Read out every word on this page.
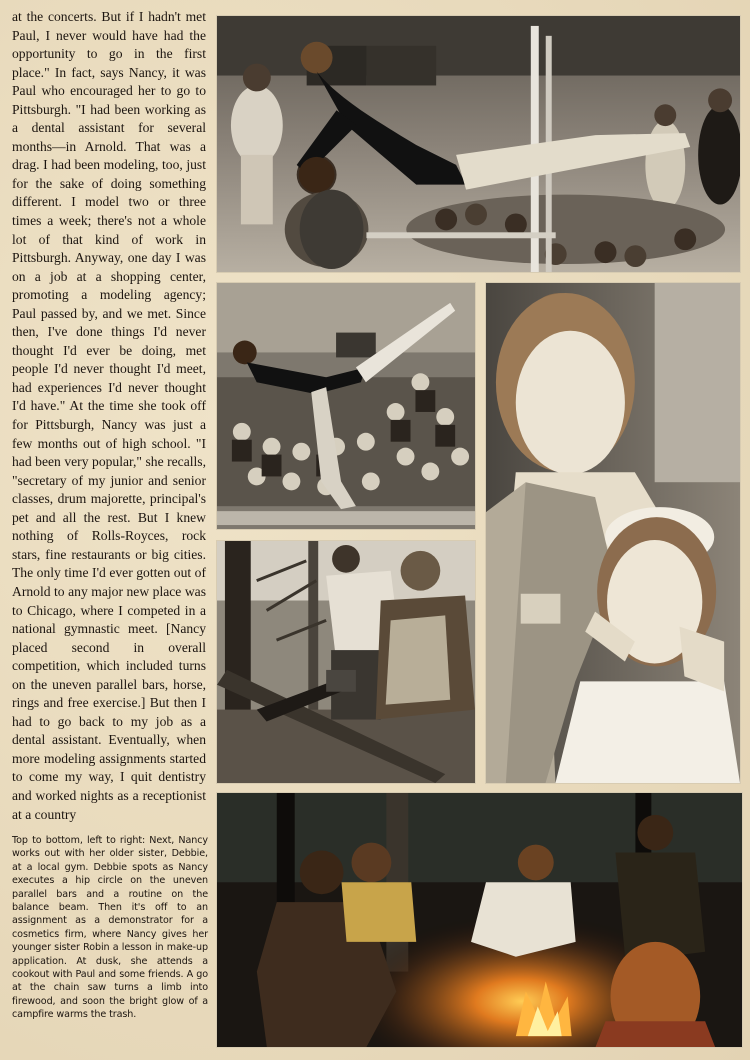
at the concerts. But if I hadn't met Paul, I never would have had the opportunity to go in the first place." In fact, says Nancy, it was Paul who encouraged her to go to Pittsburgh. "I had been working as a dental assistant for several months—in Arnold. That was a drag. I had been modeling, too, just for the sake of doing something different. I model two or three times a week; there's not a whole lot of that kind of work in Pittsburgh. Anyway, one day I was on a job at a shopping center, promoting a modeling agency; Paul passed by, and we met. Since then, I've done things I'd never thought I'd ever be doing, met people I'd never thought I'd meet, had experiences I'd never thought I'd have." At the time she took off for Pittsburgh, Nancy was just a few months out of high school. "I had been very popular," she recalls, "secretary of my junior and senior classes, drum majorette, principal's pet and all the rest. But I knew nothing of Rolls-Royces, rock stars, fine restaurants or big cities. The only time I'd ever gotten out of Arnold to any major new place was to Chicago, where I competed in a national gymnastic meet. [Nancy placed second in overall competition, which included turns on the uneven parallel bars, horse, rings and free exercise.] But then I had to go back to my job as a dental assistant. Eventually, when more modeling assignments started to come my way, I quit dentistry and worked nights as a receptionist at a country
Top to bottom, left to right: Next, Nancy works out with her older sister, Debbie, at a local gym. Debbie spots as Nancy executes a hip circle on the uneven parallel bars and a routine on the balance beam. Then it's off to an assignment as a demonstrator for a cosmetics firm, where Nancy gives her younger sister Robin a lesson in make-up application. At dusk, she attends a cookout with Paul and some friends. A go at the chain saw turns a limb into firewood, and soon the bright glow of a campfire warms the trash.
